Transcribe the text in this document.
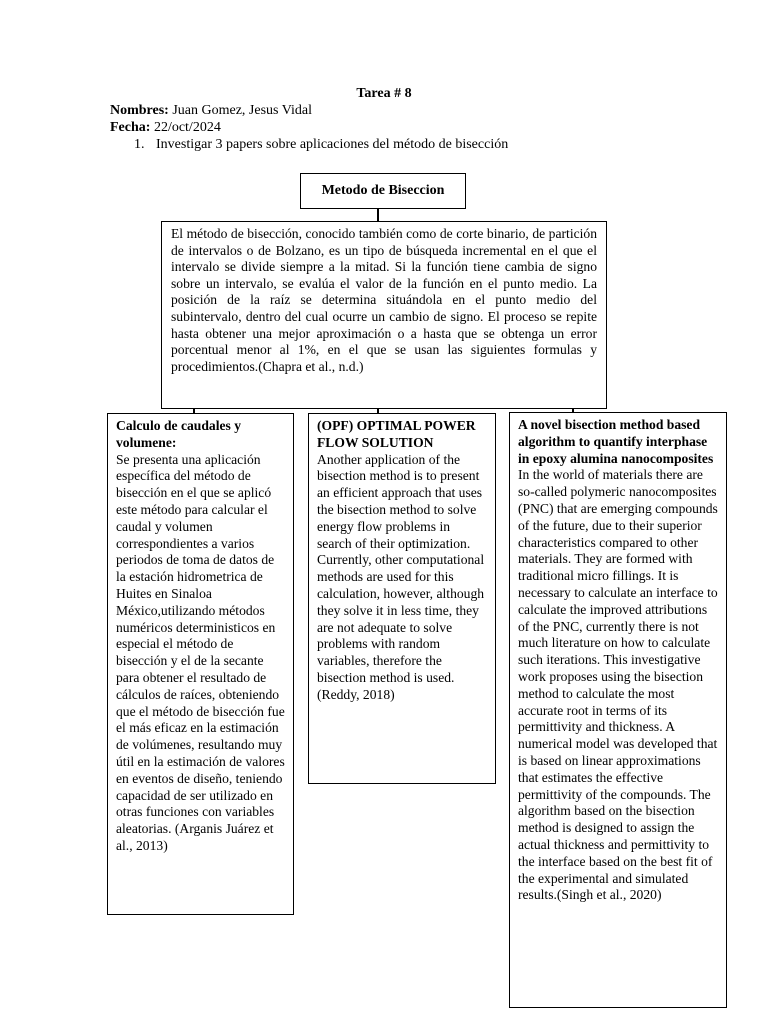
Tarea # 8
Nombres: Juan Gomez, Jesus Vidal
Fecha: 22/oct/2024
1. Investigar 3 papers sobre aplicaciones del método de bisección
Metodo de Biseccion
El método de bisección, conocido también como de corte binario, de partición de intervalos o de Bolzano, es un tipo de búsqueda incremental en el que el intervalo se divide siempre a la mitad. Si la función tiene cambia de signo sobre un intervalo, se evalúa el valor de la función en el punto medio. La posición de la raíz se determina situándola en el punto medio del subintervalo, dentro del cual ocurre un cambio de signo. El proceso se repite hasta obtener una mejor aproximación o a hasta que se obtenga un error porcentual menor al 1%, en el que se usan las siguientes formulas y procedimientos.(Chapra et al., n.d.)
Calculo de caudales y volumene:
Se presenta una aplicación específica del método de bisección en el que se aplicó este método para calcular el caudal y volumen correspondientes a varios periodos de toma de datos de la estación hidrometrica de Huites en Sinaloa México,utilizando métodos numéricos deterministicos en especial el método de bisección y el de la secante para obtener el resultado de cálculos de raíces, obteniendo que el método de bisección fue el más eficaz en la estimación de volúmenes, resultando muy útil en la estimación de valores en eventos de diseño, teniendo capacidad de ser utilizado en otras funciones con variables aleatorias. (Arganis Juárez et al., 2013)
(OPF) OPTIMAL POWER FLOW SOLUTION
Another application of the bisection method is to present an efficient approach that uses the bisection method to solve energy flow problems in search of their optimization. Currently, other computational methods are used for this calculation, however, although they solve it in less time, they are not adequate to solve problems with random variables, therefore the bisection method is used.(Reddy, 2018)
A novel bisection method based algorithm to quantify interphase in epoxy alumina nanocomposites
In the world of materials there are so-called polymeric nanocomposites (PNC) that are emerging compounds of the future, due to their superior characteristics compared to other materials. They are formed with traditional micro fillings. It is necessary to calculate an interface to calculate the improved attributions of the PNC, currently there is not much literature on how to calculate such iterations. This investigative work proposes using the bisection method to calculate the most accurate root in terms of its permittivity and thickness. A numerical model was developed that is based on linear approximations that estimates the effective permittivity of the compounds. The algorithm based on the bisection method is designed to assign the actual thickness and permittivity to the interface based on the best fit of the experimental and simulated results.(Singh et al., 2020)
